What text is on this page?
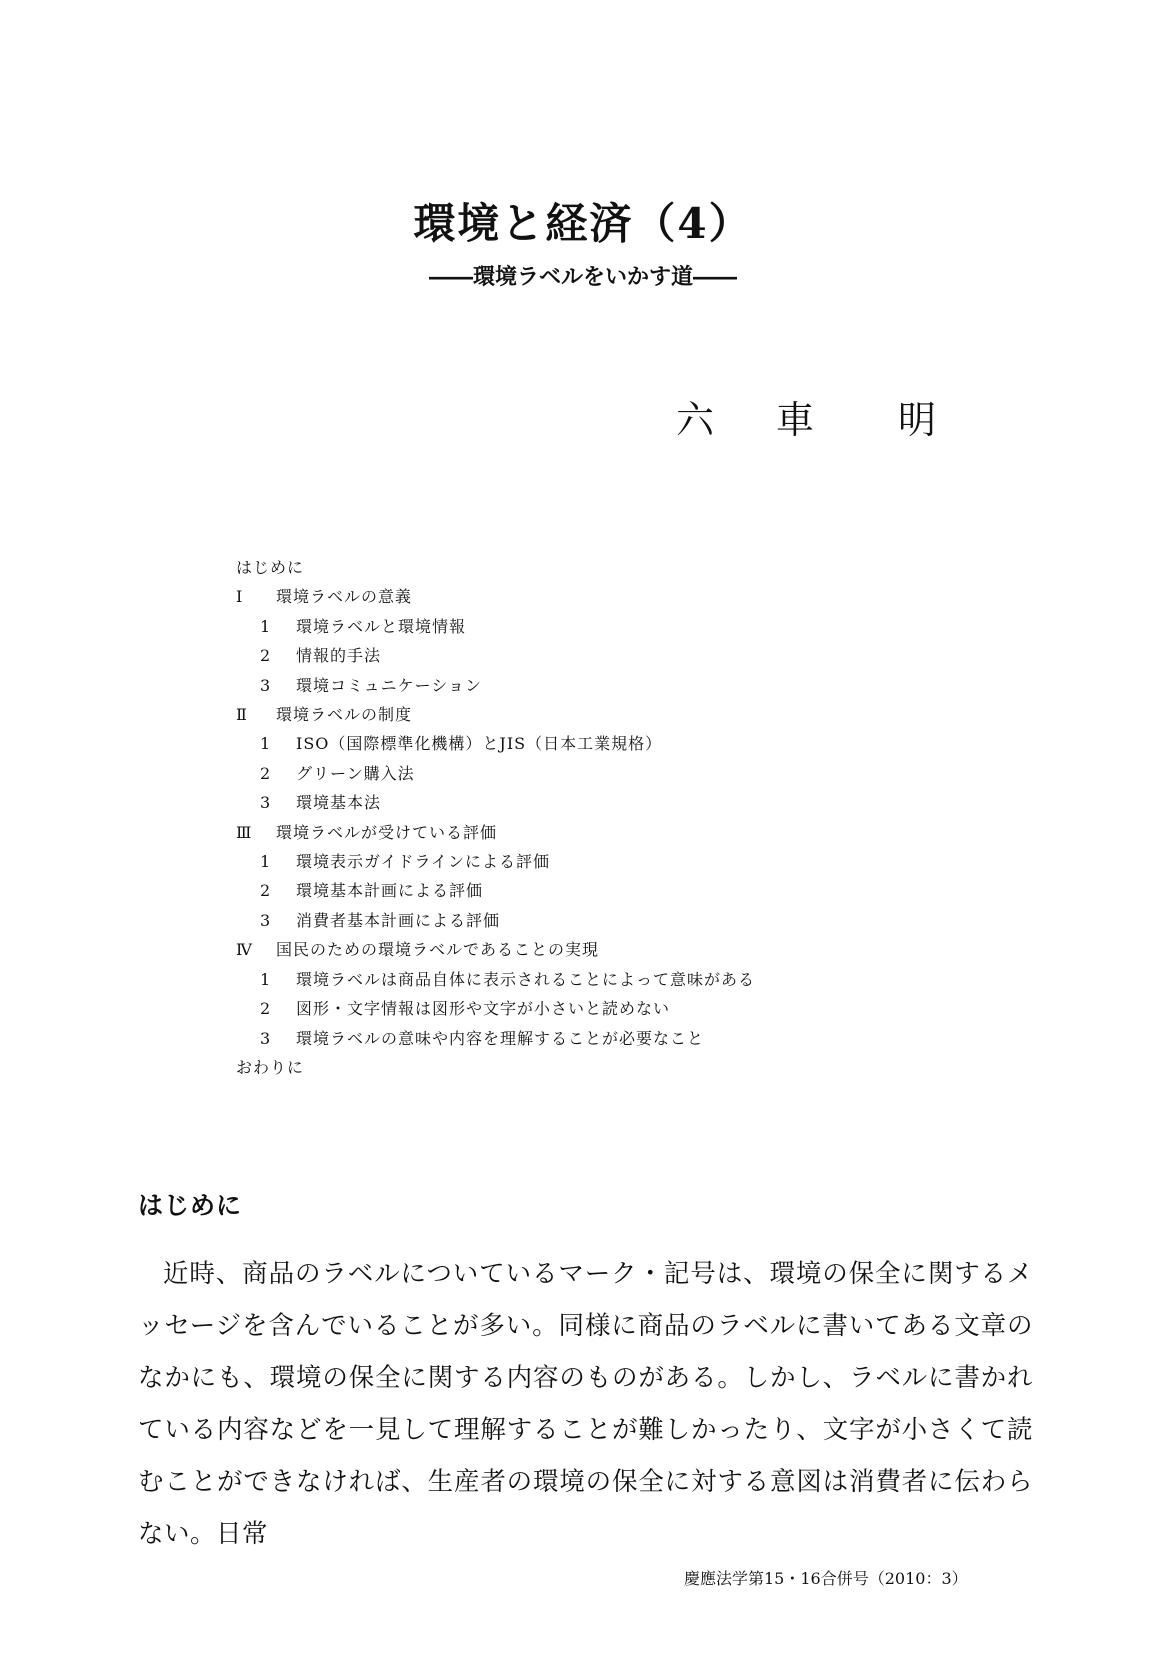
環境と経済（4）

――環境ラベルをいかす道――

六 車 明
はじめに
Ⅰ 環境ラベルの意義
1 環境ラベルと環境情報
2 情報的手法
3 環境コミュニケーション
Ⅱ 環境ラベルの制度
1 ISO（国際標準化機構）とJIS（日本工業規格）
2 グリーン購入法
3 環境基本法
Ⅲ 環境ラベルが受けている評価
1 環境表示ガイドラインによる評価
2 環境基本計画による評価
3 消費者基本計画による評価
Ⅳ 国民のための環境ラベルであることの実現
1 環境ラベルは商品自体に表示されることによって意味がある
2 図形・文字情報は図形や文字が小さいと読めない
3 環境ラベルの意味や内容を理解することが必要なこと
おわりに
はじめに

近時、商品のラベルについているマーク・記号は、環境の保全に関するメッセージを含んでいることが多い。同様に商品のラベルに書いてある文章のなかにも、環境の保全に関する内容のものがある。しかし、ラベルに書かれている内容などを一見して理解することが難しかったり、文字が小さくて読むことができなければ、生産者の環境の保全に対する意図は消費者に伝わらない。日常

慶應法学第15・16合併号（2010：3）
